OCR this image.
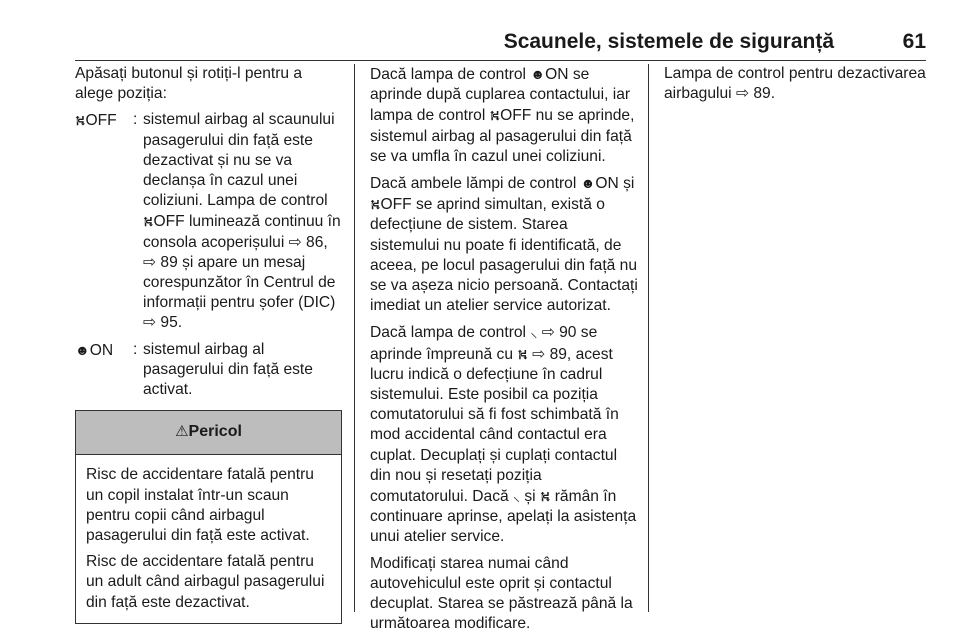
Scaunele, sistemele de siguranță	61

Apăsați butonul și rotiți-l pentru a alege poziția:

⛕OFF	: sistemul airbag al scaunului pasagerului din față este dezactivat și nu se va declanșa în cazul unei coliziuni. Lampa de control ⛕OFF luminează continuu în consola acoperișului ⇨ 86, ⇨ 89 și apare un mesaj corespunzător în Centrul de informații pentru șofer (DIC) ⇨ 95.
☻ON	: sistemul airbag al pasagerului din față este activat.
⚠Pericol

Risc de accidentare fatală pentru un copil instalat într-un scaun pentru copii când airbagul pasagerului din față este activat.

Risc de accidentare fatală pentru un adult când airbagul pasagerului din față este dezactivat.

Dacă lampa de control ☻ON se aprinde după cuplarea contactului, iar lampa de control ⛕OFF nu se aprinde, sistemul airbag al pasagerului din față se va umfla în cazul unei coliziuni.

Dacă ambele lămpi de control ☻ON și ⛕OFF se aprind simultan, există o defecțiune de sistem. Starea sistemului nu poate fi identificată, de aceea, pe locul pasagerului din față nu se va așeza nicio persoană. Contactați imediat un atelier service autorizat.

Dacă lampa de control ⸜ ⇨ 90 se aprinde împreună cu ⛕ ⇨ 89, acest lucru indică o defecțiune în cadrul sistemului. Este posibil ca poziția comutatorului să fi fost schimbată în mod accidental când contactul era cuplat. Decuplați și cuplați contactul din nou și resetați poziția comutatorului. Dacă ⸜ și ⛕ rămân în continuare aprinse, apelați la asistența unui atelier service.

Modificați starea numai când autovehiculul este oprit și contactul decuplat. Starea se păstrează până la următoarea modificare.

Lampa de control pentru dezactivarea airbagului ⇨ 89.
